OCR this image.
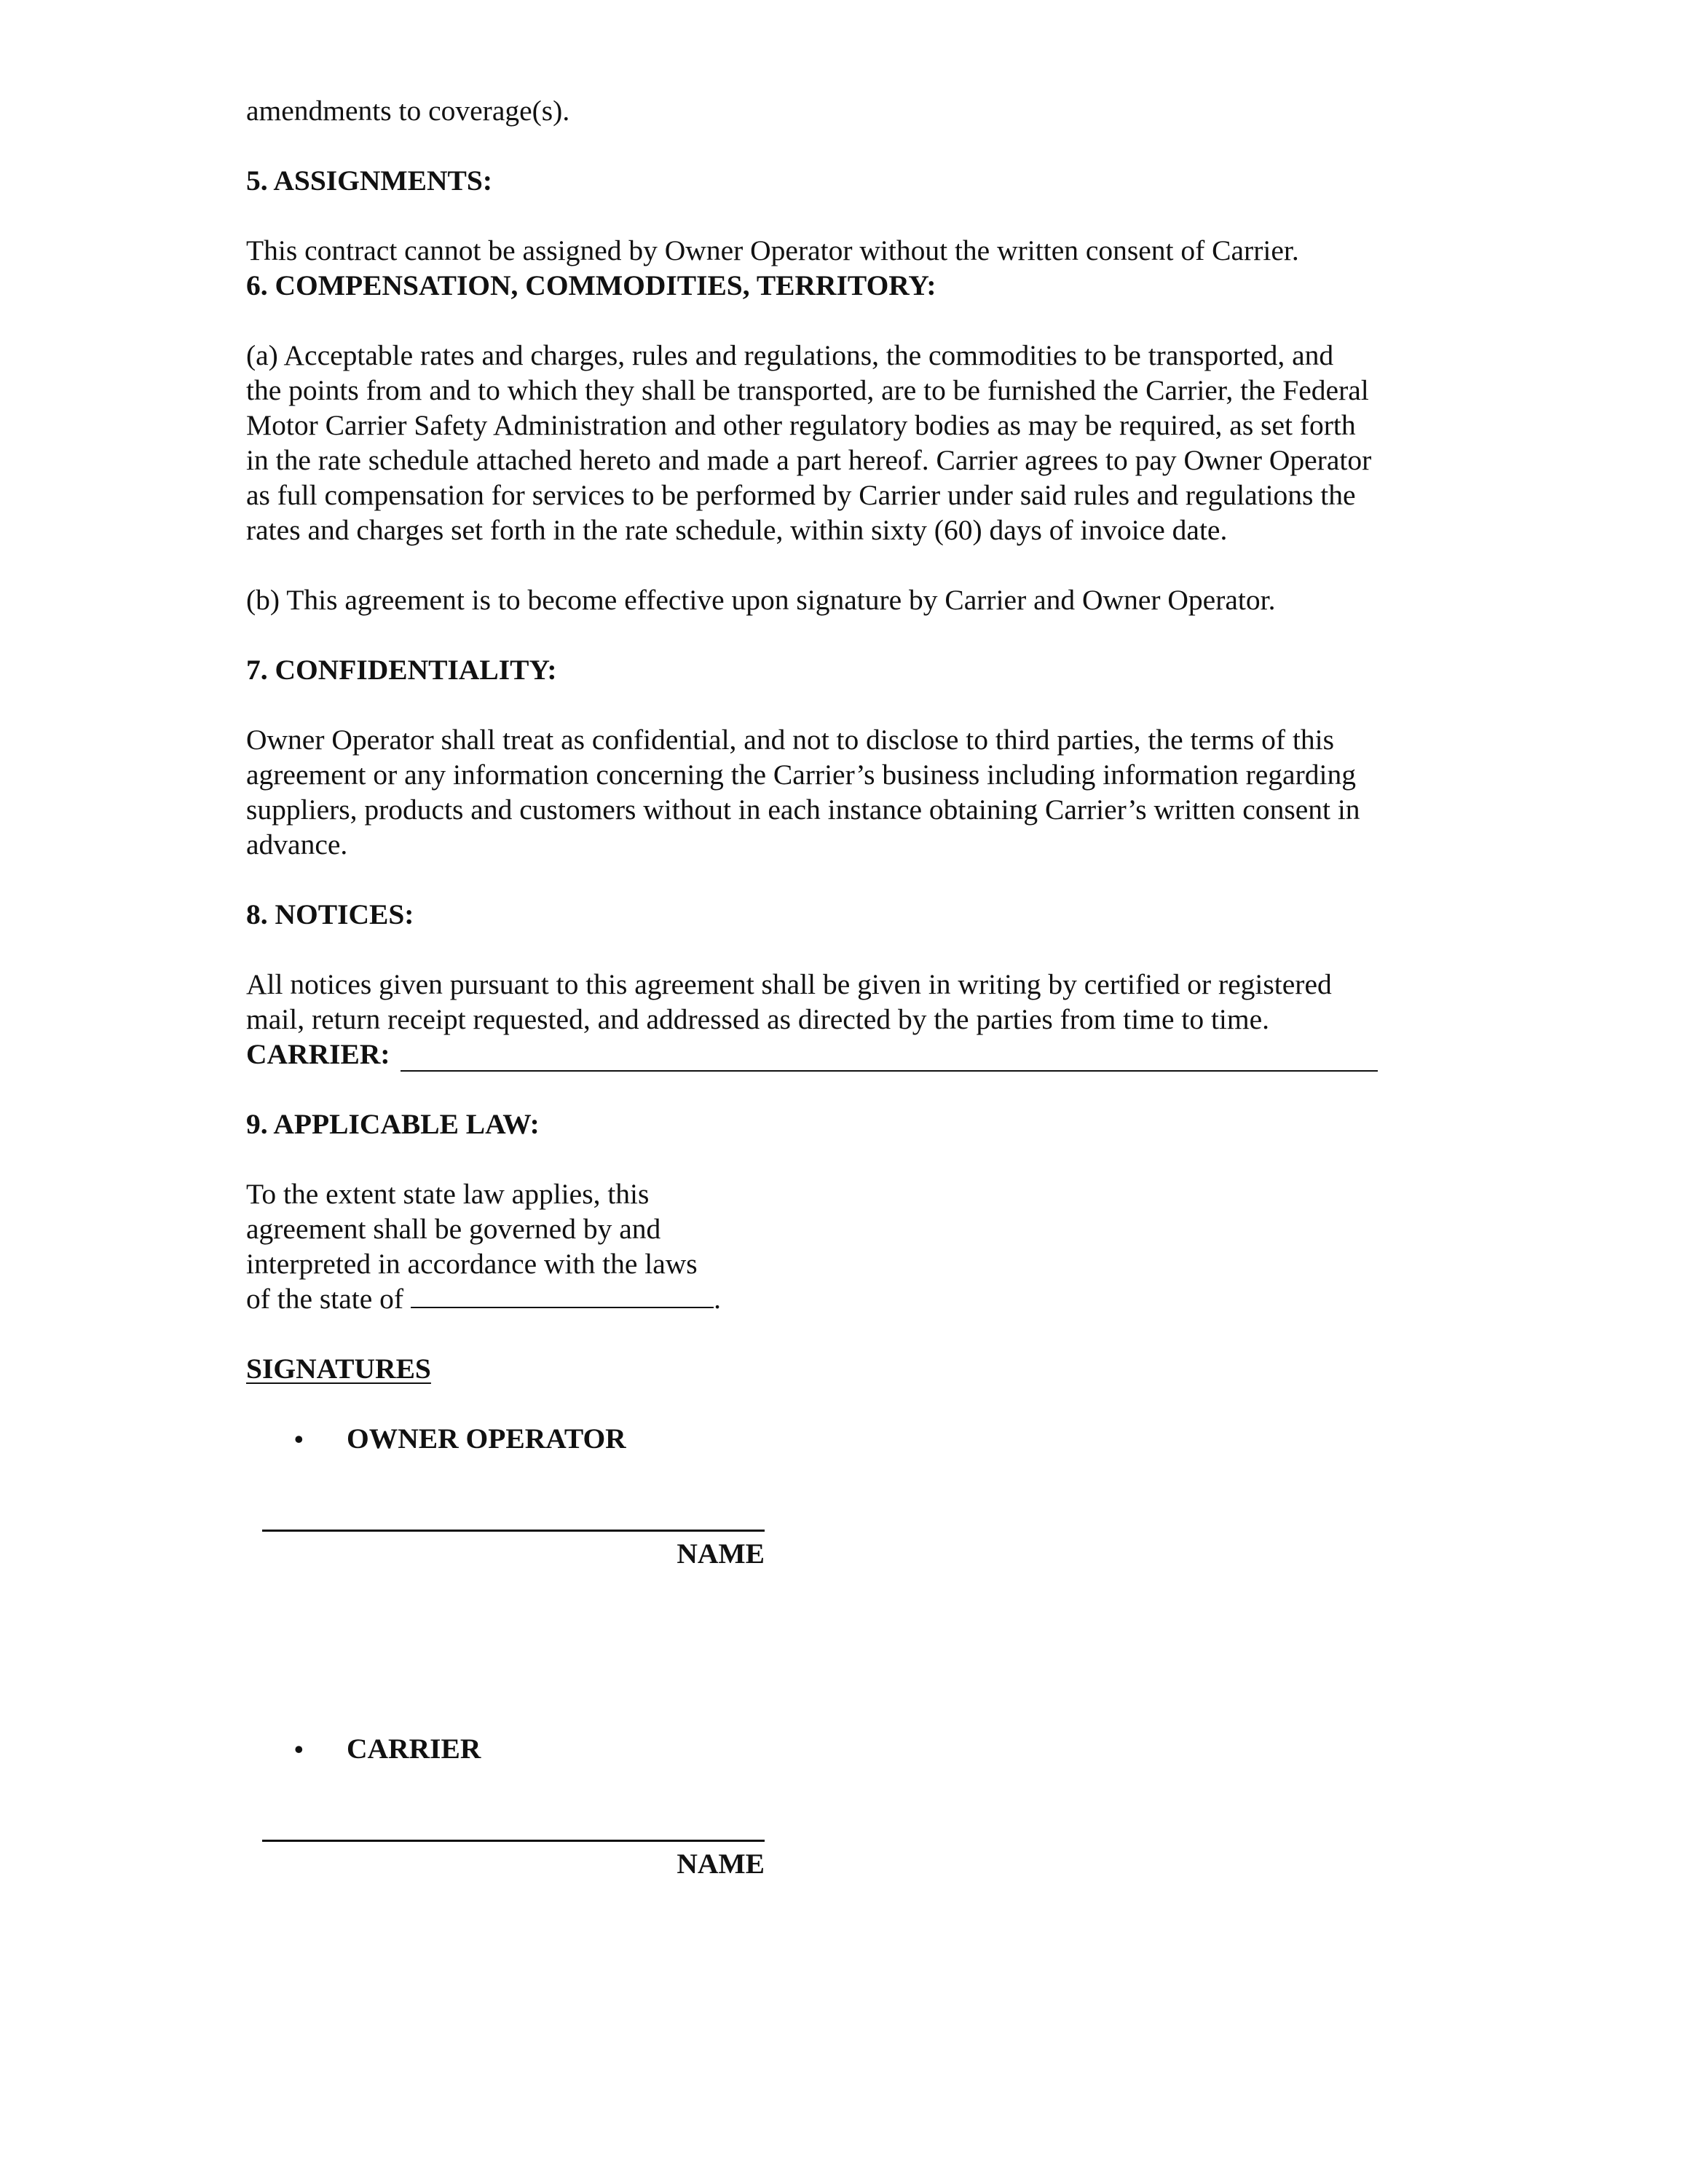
amendments to coverage(s).

5. ASSIGNMENTS:

This contract cannot be assigned by Owner Operator without the written consent of Carrier.

6. COMPENSATION, COMMODITIES, TERRITORY:

(a) Acceptable rates and charges, rules and regulations, the commodities to be transported, and
the points from and to which they shall be transported, are to be furnished the Carrier, the Federal
Motor Carrier Safety Administration and other regulatory bodies as may be required, as set forth
in the rate schedule attached hereto and made a part hereof. Carrier agrees to pay Owner Operator
as full compensation for services to be performed by Carrier under said rules and regulations the
rates and charges set forth in the rate schedule, within sixty (60) days of invoice date.

(b) This agreement is to become effective upon signature by Carrier and Owner Operator.

7. CONFIDENTIALITY:

Owner Operator shall treat as confidential, and not to disclose to third parties, the terms of this
agreement or any information concerning the Carrier’s business including information regarding
suppliers, products and customers without in each instance obtaining Carrier’s written consent in
advance.

8. NOTICES:

All notices given pursuant to this agreement shall be given in writing by certified or registered
mail, return receipt requested, and addressed as directed by the parties from time to time.

CARRIER:

9. APPLICABLE LAW:

To the extent state law applies, this
agreement shall be governed by and
interpreted in accordance with the laws
of the state of	.

SIGNATURES

•	OWNER OPERATOR
NAME
•	CARRIER
NAME
